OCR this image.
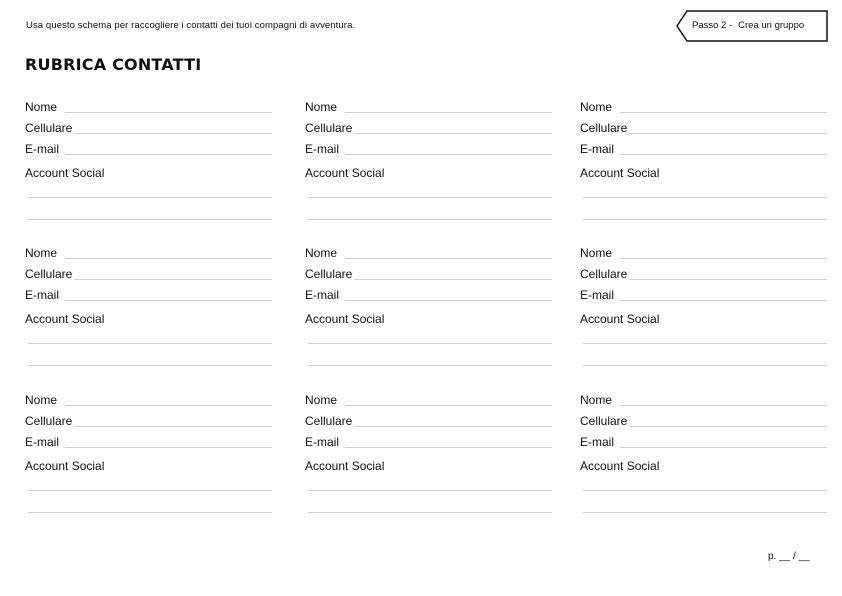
Usa questo schema per raccogliere i contatti dei tuoi compagni di avventura.	Passo 2 - Crea un gruppo
RUBRICA CONTATTI
Nome
Cellulare
E-mail
Account Social
Nome
Cellulare
E-mail
Account Social
Nome
Cellulare
E-mail
Account Social
Nome
Cellulare
E-mail
Account Social
Nome
Cellulare
E-mail
Account Social
Nome
Cellulare
E-mail
Account Social
Nome
Cellulare
E-mail
Account Social
Nome
Cellulare
E-mail
Account Social
Nome
Cellulare
E-mail
Account Social
p. __ / __
